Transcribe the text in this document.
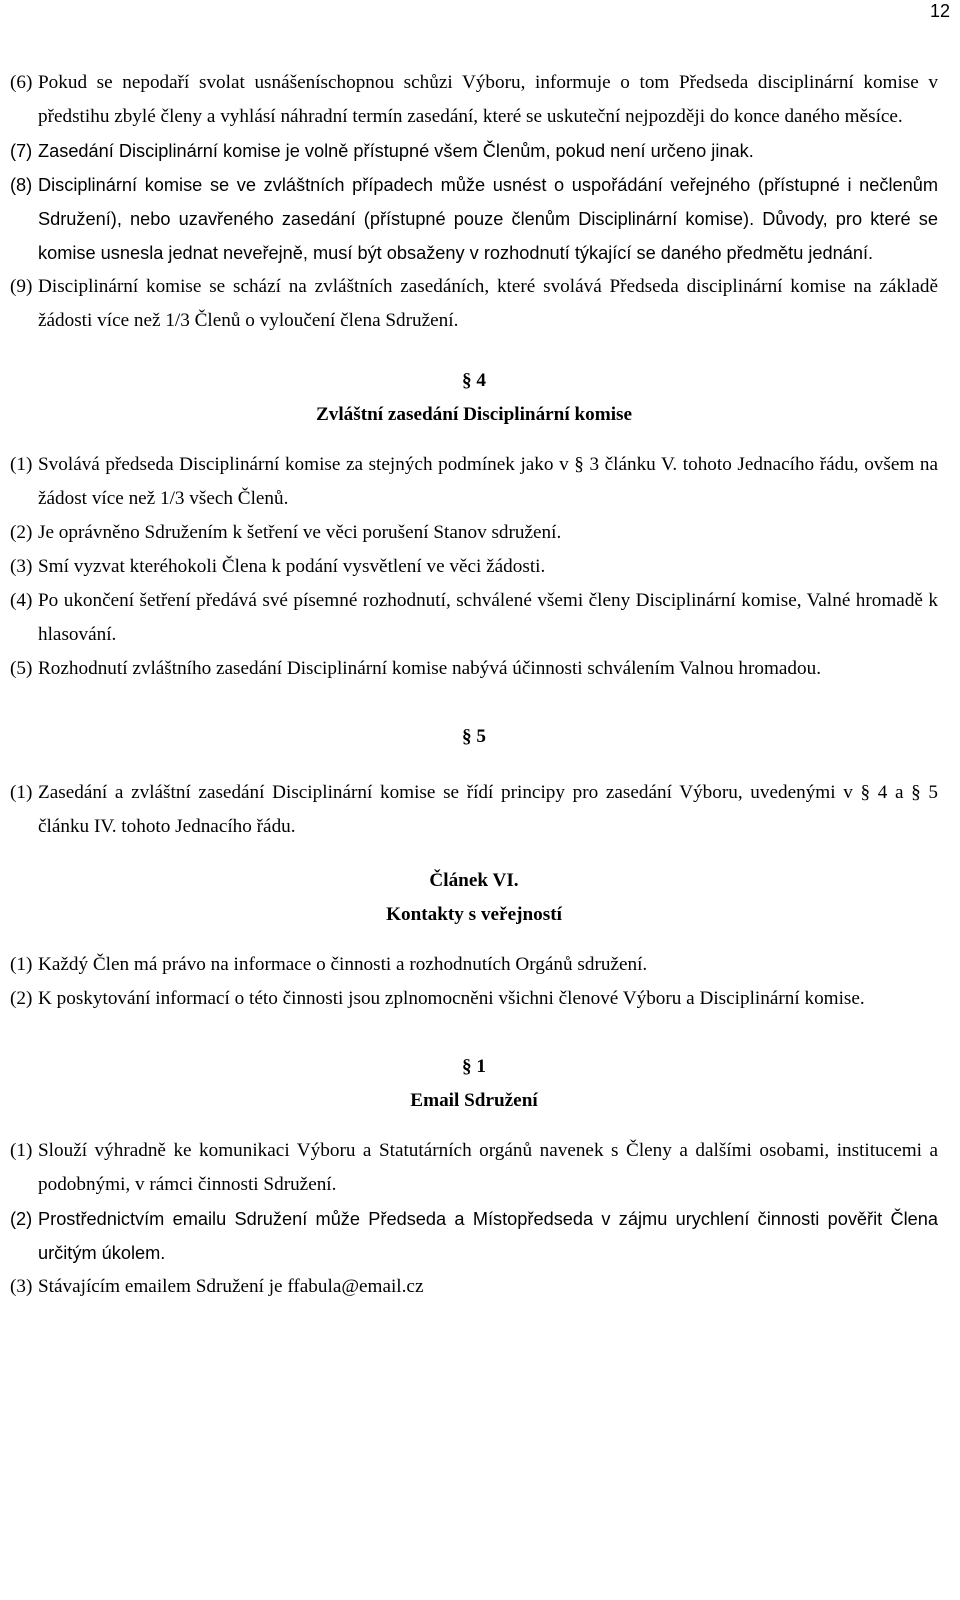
12
(6) Pokud se nepodaří svolat usnášeníschopnou schůzi Výboru, informuje o tom Předseda disciplinární komise v předstihu zbylé členy a vyhlásí náhradní termín zasedání, které se uskuteční nejpozději do konce daného měsíce.
(7) Zasedání Disciplinární komise je volně přístupné všem Členům, pokud není určeno jinak.
(8) Disciplinární komise se ve zvláštních případech může usnést o uspořádání veřejného (přístupné i nečlenům Sdružení), nebo uzavřeného zasedání (přístupné pouze členům Disciplinární komise). Důvody, pro které se komise usnesla jednat neveřejně, musí být obsaženy v rozhodnutí týkající se daného předmětu jednání.
(9) Disciplinární komise se schází na zvláštních zasedáních, které svolává Předseda disciplinární komise na základě žádosti více než 1/3 Členů o vyloučení člena Sdružení.
§ 4
Zvláštní zasedání Disciplinární komise
(1) Svolává předseda Disciplinární komise za stejných podmínek jako v § 3 článku V. tohoto Jednacího řádu, ovšem na žádost více než 1/3 všech Členů.
(2) Je oprávněno Sdružením k šetření ve věci porušení Stanov sdružení.
(3) Smí vyzvat kteréhokoli Člena k podání vysvětlení ve věci žádosti.
(4) Po ukončení šetření předává své písemné rozhodnutí, schválené všemi členy Disciplinární komise, Valné hromadě k hlasování.
(5) Rozhodnutí zvláštního zasedání Disciplinární komise nabývá účinnosti schválením Valnou hromadou.
§ 5
(1) Zasedání a zvláštní zasedání Disciplinární komise se řídí principy pro zasedání Výboru, uvedenými v § 4 a § 5 článku IV. tohoto Jednacího řádu.
Článek VI.
Kontakty s veřejností
(1) Každý Člen má právo na informace o činnosti a rozhodnutích Orgánů sdružení.
(2) K poskytování informací o této činnosti jsou zplnomocněni všichni členové Výboru a Disciplinární komise.
§ 1
Email Sdružení
(1) Slouží výhradně ke komunikaci Výboru a Statutárních orgánů navenek s Členy a dalšími osobami, institucemi a podobnými, v rámci činnosti Sdružení.
(2) Prostřednictvím emailu Sdružení může Předseda a Místopředseda v zájmu urychlení činnosti pověřit Člena určitým úkolem.
(3) Stávajícím emailem Sdružení je ffabula@email.cz
